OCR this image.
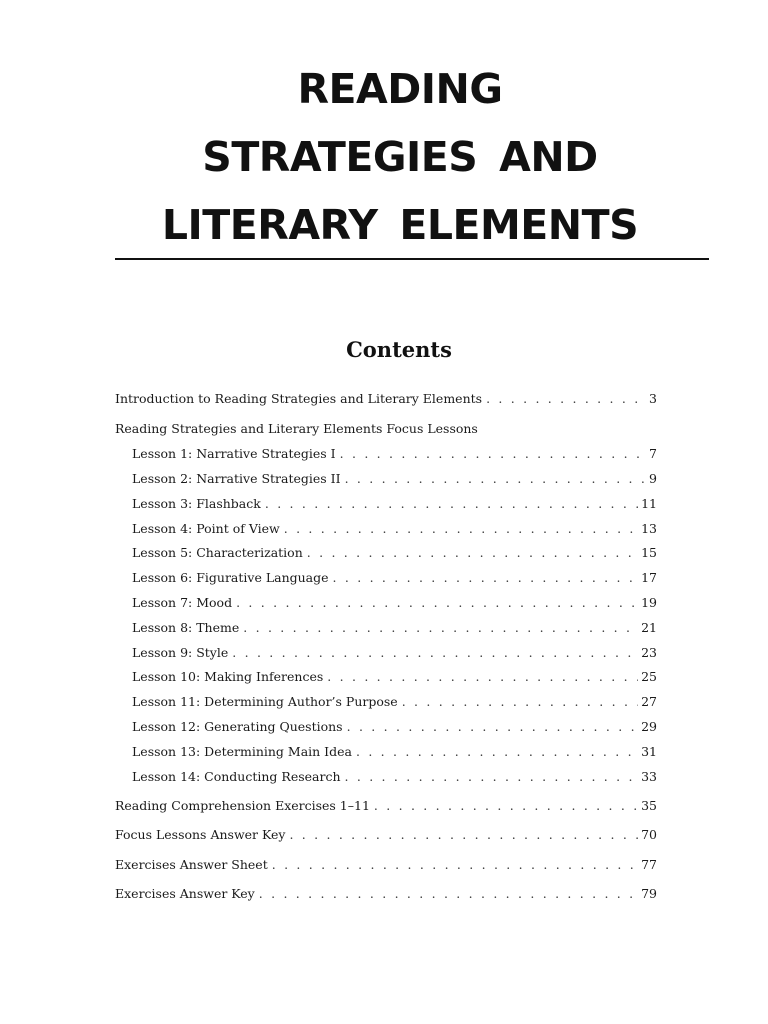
READING
STRATEGIES AND
LITERARY ELEMENTS
Contents
Introduction to Reading Strategies and Literary Elements . . .	3
Reading Strategies and Literary Elements Focus Lessons
Lesson 1: Narrative Strategies I . . .	7
Lesson 2: Narrative Strategies II . . .	9
Lesson 3: Flashback . . .	11
Lesson 4: Point of View . . .	13
Lesson 5: Characterization . . .	15
Lesson 6: Figurative Language . . .	17
Lesson 7: Mood . . .	19
Lesson 8: Theme . . .	21
Lesson 9: Style . . .	23
Lesson 10: Making Inferences . . .	25
Lesson 11: Determining Author’s Purpose . . .	27
Lesson 12: Generating Questions . . .	29
Lesson 13: Determining Main Idea . . .	31
Lesson 14: Conducting Research . . .	33
Reading Comprehension Exercises 1–11 . . .	35
Focus Lessons Answer Key . . .	70
Exercises Answer Sheet . . .	77
Exercises Answer Key . . .	79
